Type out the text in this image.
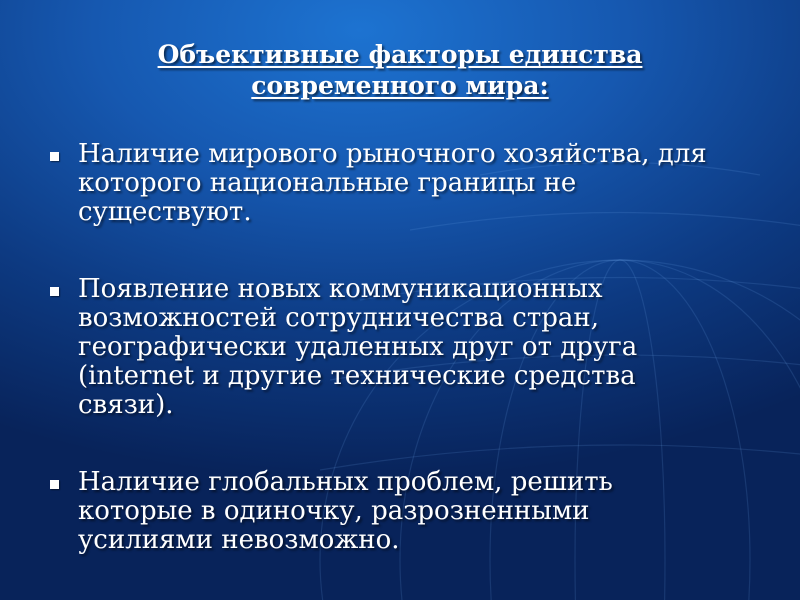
Объективные факторы единства
современного мира:
Наличие мирового рыночного хозяйства, для
которого национальные границы не
существуют.
Появление новых коммуникационных
возможностей сотрудничества стран,
географически удаленных друг от друга
(internet и другие технические средства
связи).
Наличие глобальных проблем, решить
которые в одиночку, разрозненными
усилиями невозможно.
